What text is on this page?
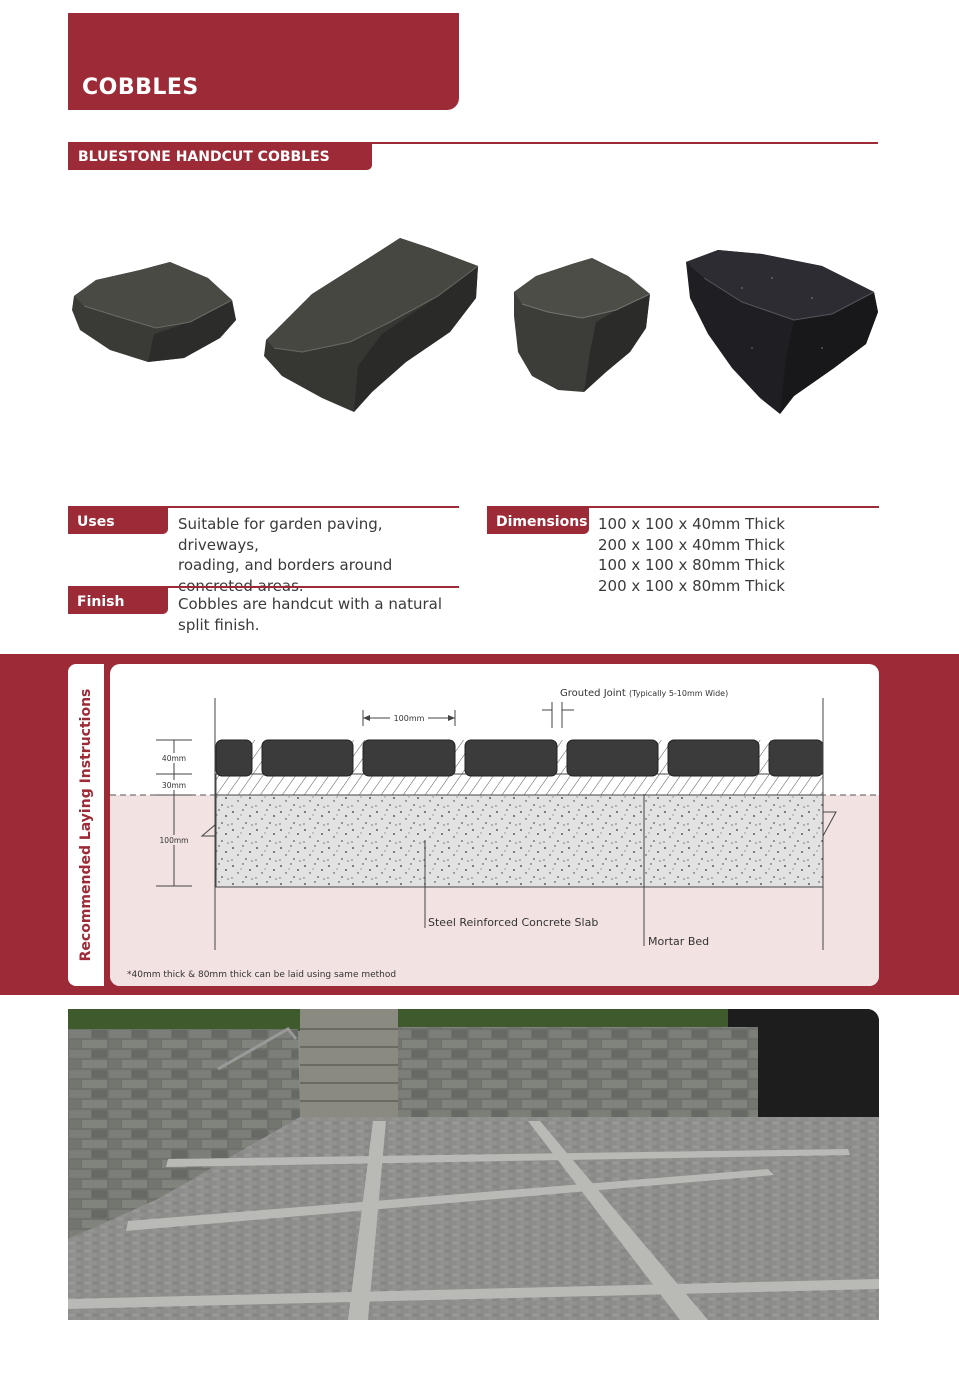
COBBLES
BLUESTONE HANDCUT COBBLES
Uses	Suitable for garden paving, driveways,
roading, and borders around
Finish	Cobbles are handcut with a natural
split finish.
Dimensions 100 x 100 x 40mm Thick
200 x 100 x 40mm Thick
100 x 100 x 80mm Thick
200 x 100 x 80mm Thick
Recommended Laying Instructions	100mm
Grouted Joint (Typically 5-10mm Wide)
40mm
30mm
100mm
Steel Reinforced Concrete Slab
Mortar Bed
*40mm thick & 80mm thick can be laid using same method
